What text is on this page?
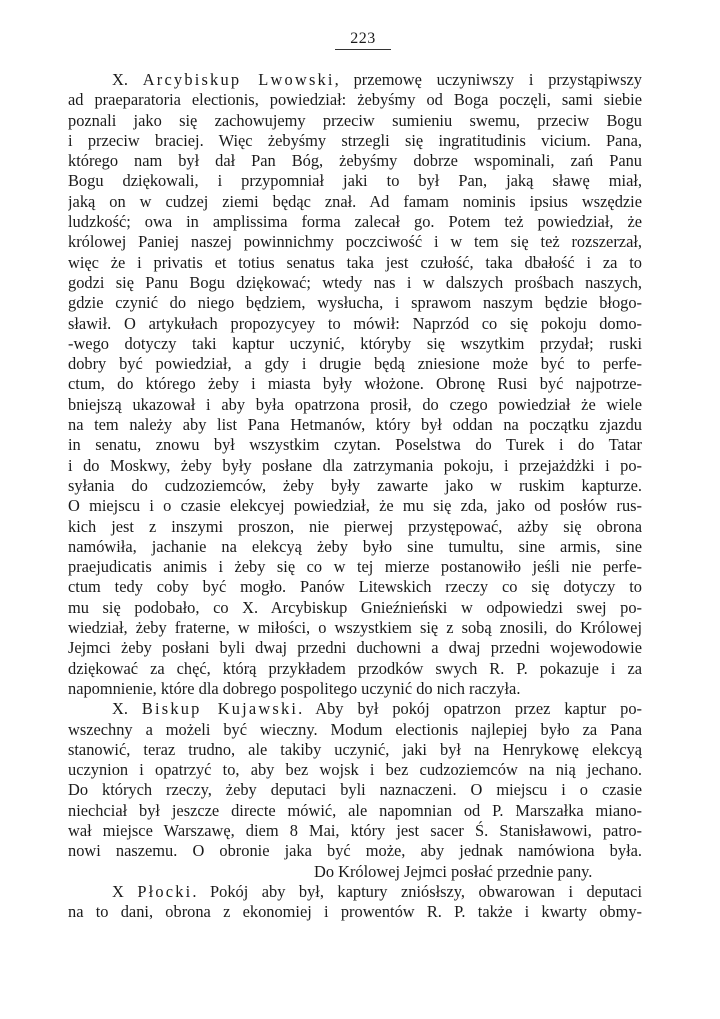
223
X. Arcybiskup Lwowski, przemowę uczyniwszy i przystąpiwszy
ad praeparatoria electionis, powiedział: żebyśmy od Boga poczęli, sami siebie
poznali jako się zachowujemy przeciw sumieniu swemu, przeciw Bogu
i przeciw braciej. Więc żebyśmy strzegli się ingratitudinis vicium. Pana,
którego nam był dał Pan Bóg, żebyśmy dobrze wspominali, zań Panu
Bogu dziękowali, i przypomniał jaki to był Pan, jaką sławę miał,
jaką on w cudzej ziemi będąc znał. Ad famam nominis ipsius wszędzie
ludzkość; owa in amplissima forma zalecał go. Potem też powiedział, że
królowej Paniej naszej powinnichmy poczciwość i w tem się też rozszerzał,
więc że i privatis et totius senatus taka jest czułość, taka dbałość i za to
godzi się Panu Bogu dziękować; wtedy nas i w dalszych prośbach naszych,
gdzie czynić do niego będziem, wysłucha, i sprawom naszym będzie błogo-
sławił. O artykułach propozycyey to mówił: Naprzód co się pokoju domo-
-wego dotyczy taki kaptur uczynić, któryby się wszytkim przydał; ruski
dobry być powiedział, a gdy i drugie będą zniesione może być to perfe-
ctum, do którego żeby i miasta były włożone. Obronę Rusi być najpotrze-
bniejszą ukazował i aby była opatrzona prosił, do czego powiedział że wiele
na tem należy aby list Pana Hetmanów, który był oddan na początku zjazdu
in senatu, znowu był wszystkim czytan. Poselstwa do Turek i do Tatar
i do Moskwy, żeby były posłane dla zatrzymania pokoju, i przejażdżki i po-
syłania do cudzoziemców, żeby były zawarte jako w ruskim kapturze.
O miejscu i o czasie elekcyej powiedział, że mu się zda, jako od posłów rus-
kich jest z inszymi proszon, nie pierwej przystępować, ażby się obrona
namówiła, jachanie na elekcyą żeby było sine tumultu, sine armis, sine
praejudicatis animis i żeby się co w tej mierze postanowiło jeśli nie perfe-
ctum tedy coby być mogło. Panów Litewskich rzeczy co się dotyczy to
mu się podobało, co X. Arcybiskup Gnieźnieński w odpowiedzi swej po-
wiedział, żeby fraterne, w miłości, o wszystkiem się z sobą znosili, do Królowej
Jejmci żeby posłani byli dwaj przedni duchowni a dwaj przedni wojewodowie
dziękować za chęć, którą przykładem przodków swych R. P. pokazuje i za
napomnienie, które dla dobrego pospolitego uczynić do nich raczyła.
X. Biskup Kujawski. Aby był pokój opatrzon przez kaptur po-
wszechny a możeli być wieczny. Modum electionis najlepiej było za Pana
stanowić, teraz trudno, ale takiby uczynić, jaki był na Henrykowę elekcyą
uczynion i opatrzyć to, aby bez wojsk i bez cudzoziemców na nią jechano.
Do których rzeczy, żeby deputaci byli naznaczeni. O miejscu i o czasie
niechciał był jeszcze directe mówić, ale napomnian od P. Marszałka miano-
wał miejsce Warszawę, diem 8 Mai, który jest sacer Ś. Stanisławowi, patro-
nowi naszemu. O obronie jaka być może, aby jednak namówiona była.
Do Królowej Jejmci posłać przednie pany.
X Płocki. Pokój aby był, kaptury zniósłszy, obwarowan i deputaci
na to dani, obrona z ekonomiej i prowentów R. P. także i kwarty obmy-
